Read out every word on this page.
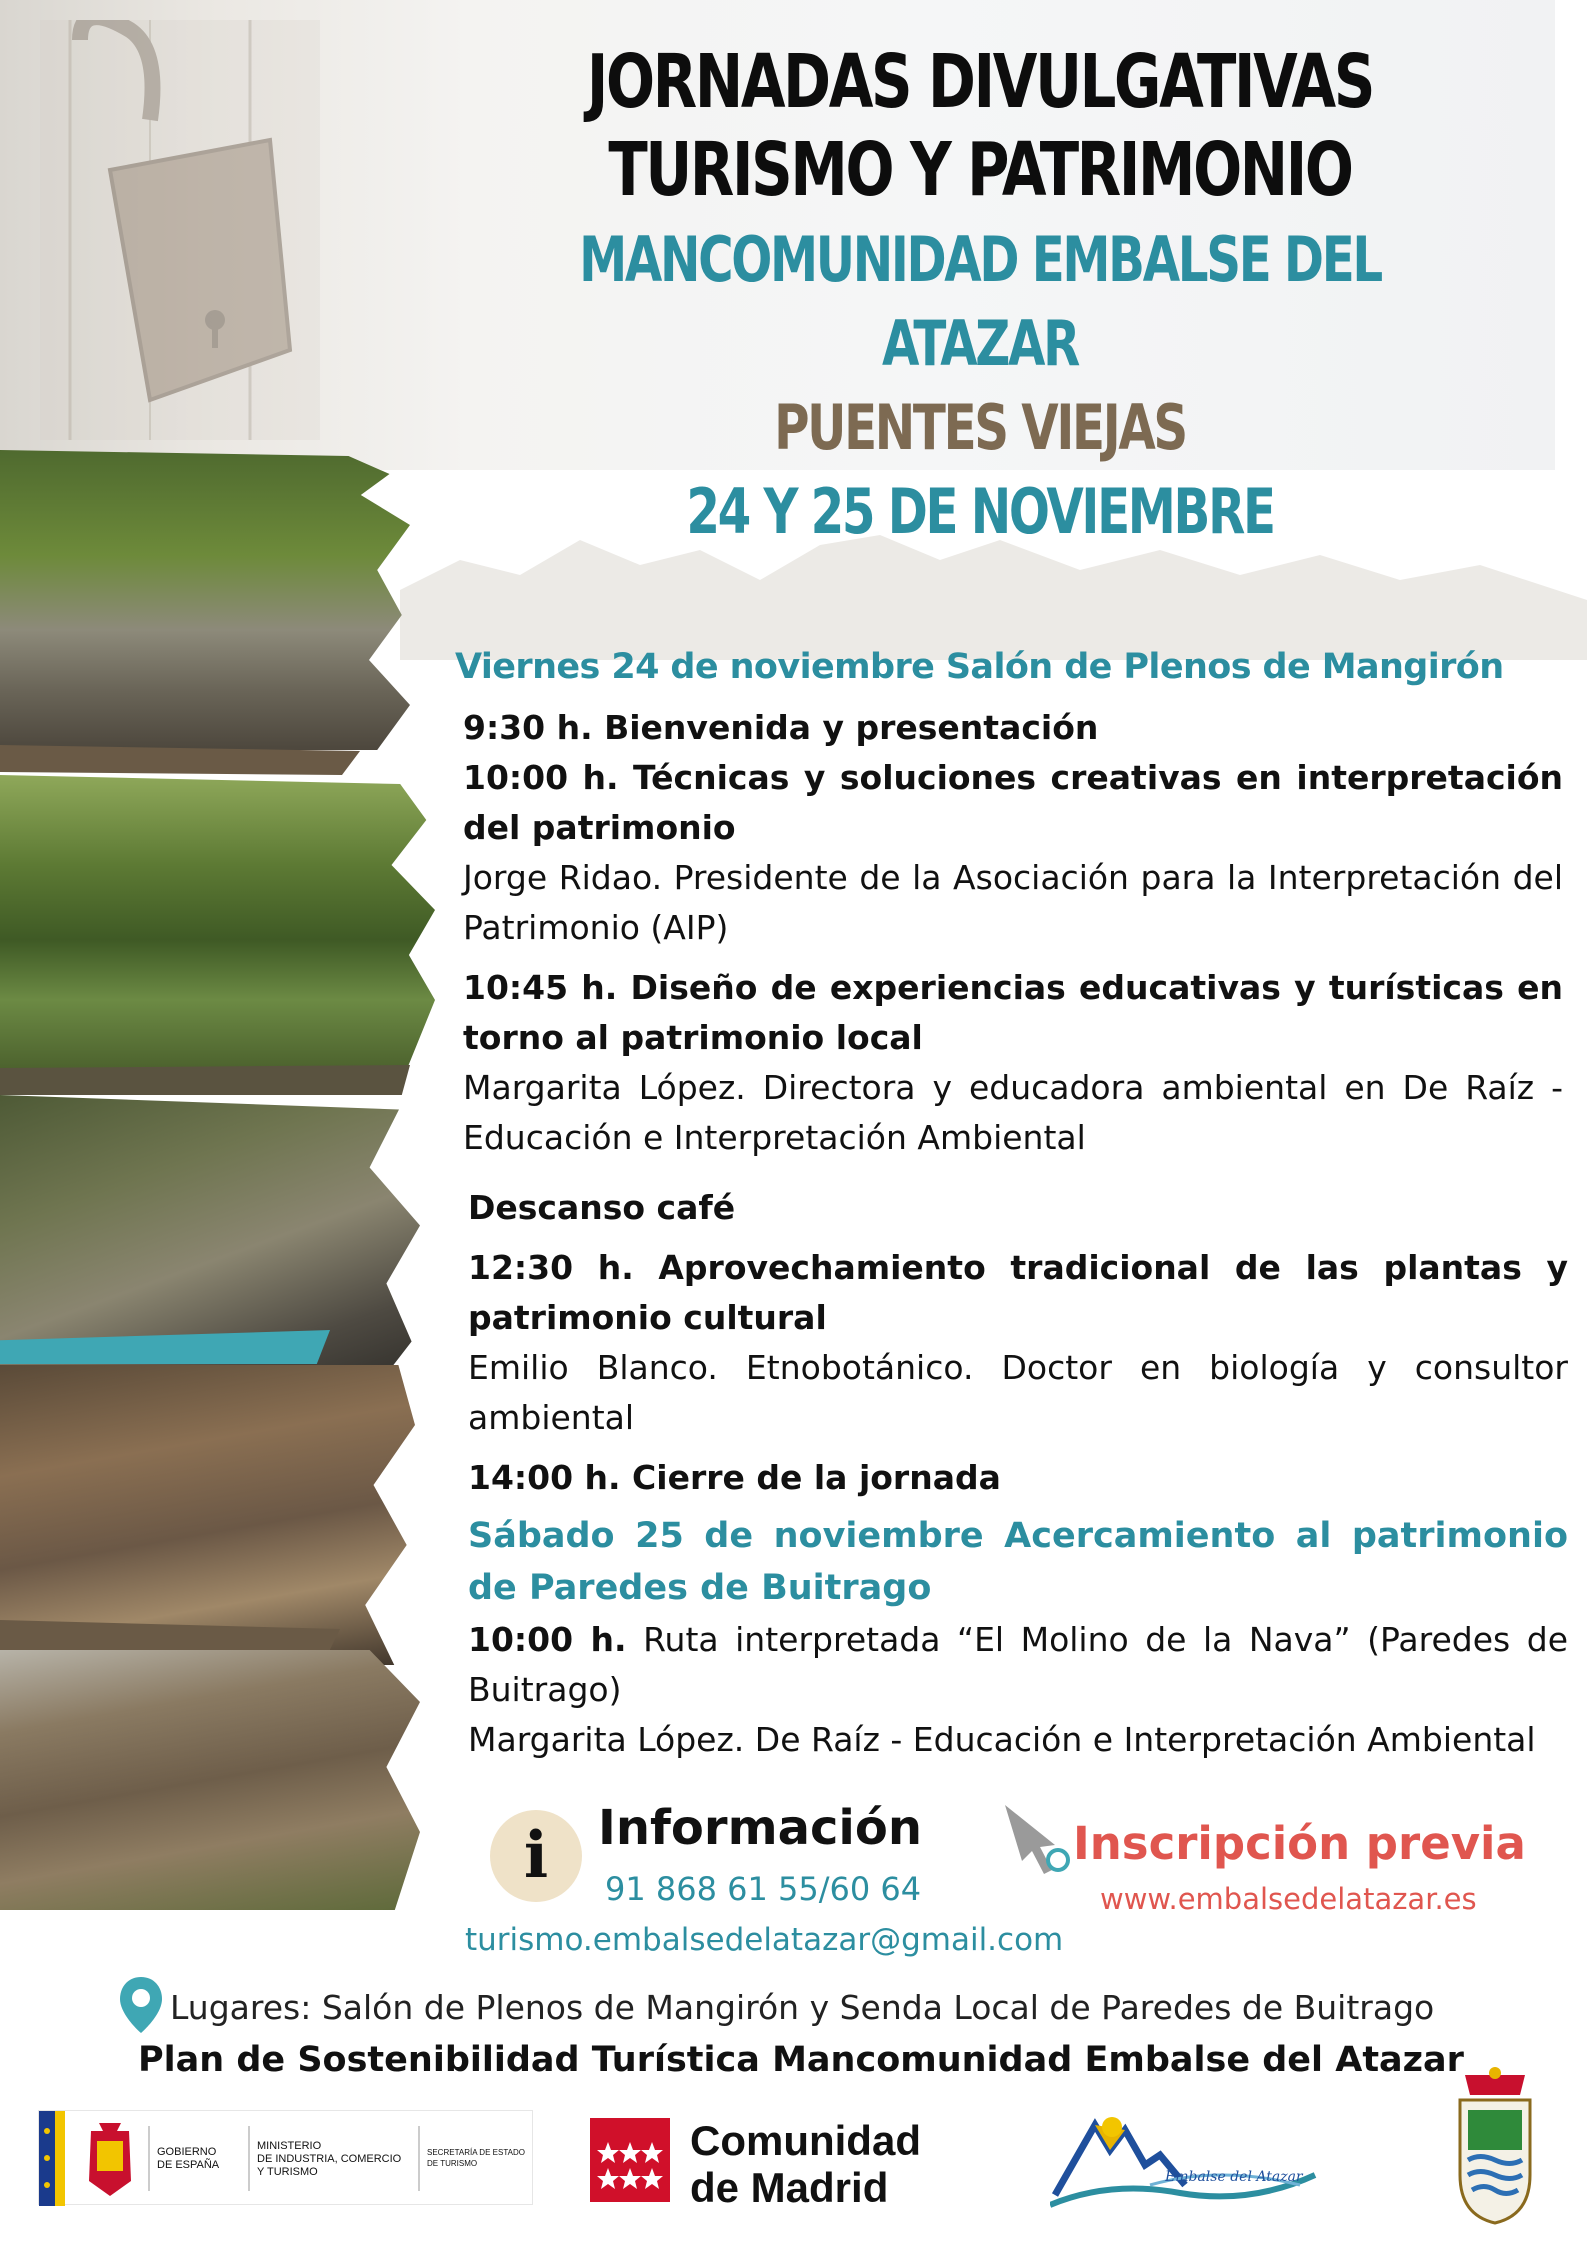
JORNADAS DIVULGATIVAS
TURISMO Y PATRIMONIO
MANCOMUNIDAD EMBALSE DEL ATAZAR
PUENTES VIEJAS
24 Y 25 DE NOVIEMBRE
Viernes 24 de noviembre Salón de Plenos de Mangirón
9:30 h. Bienvenida y presentación
10:00 h. Técnicas y soluciones creativas en interpretación del patrimonio
Jorge Ridao. Presidente de la Asociación para la Interpretación del Patrimonio (AIP)
10:45 h. Diseño de experiencias educativas y turísticas en torno al patrimonio local
Margarita López. Directora y educadora ambiental en De Raíz - Educación e Interpretación Ambiental
Descanso café
12:30 h. Aprovechamiento tradicional de las plantas y patrimonio cultural
Emilio Blanco. Etnobotánico. Doctor en biología y consultor ambiental
14:00 h. Cierre de la jornada
Sábado 25 de noviembre Acercamiento al patrimonio de Paredes de Buitrago
10:00 h. Ruta interpretada “El Molino de la Nava” (Paredes de Buitrago)
Margarita López. De Raíz - Educación e Interpretación Ambiental
i	Información
91 868 61 55/60 64
turismo.embalsedelatazar@gmail.com
Inscripción previa
www.embalsedelatazar.es
Lugares: Salón de Plenos de Mangirón y Senda Local de Paredes de Buitrago
Plan de Sostenibilidad Turística Mancomunidad Embalse del Atazar
GOBIERNO
DE ESPAÑA
MINISTERIO
DE INDUSTRIA, COMERCIO
Y TURISMO
SECRETARÍA DE ESTADO
DE TURISMO	Comunidad
de Madrid	Embalse del Atazar
